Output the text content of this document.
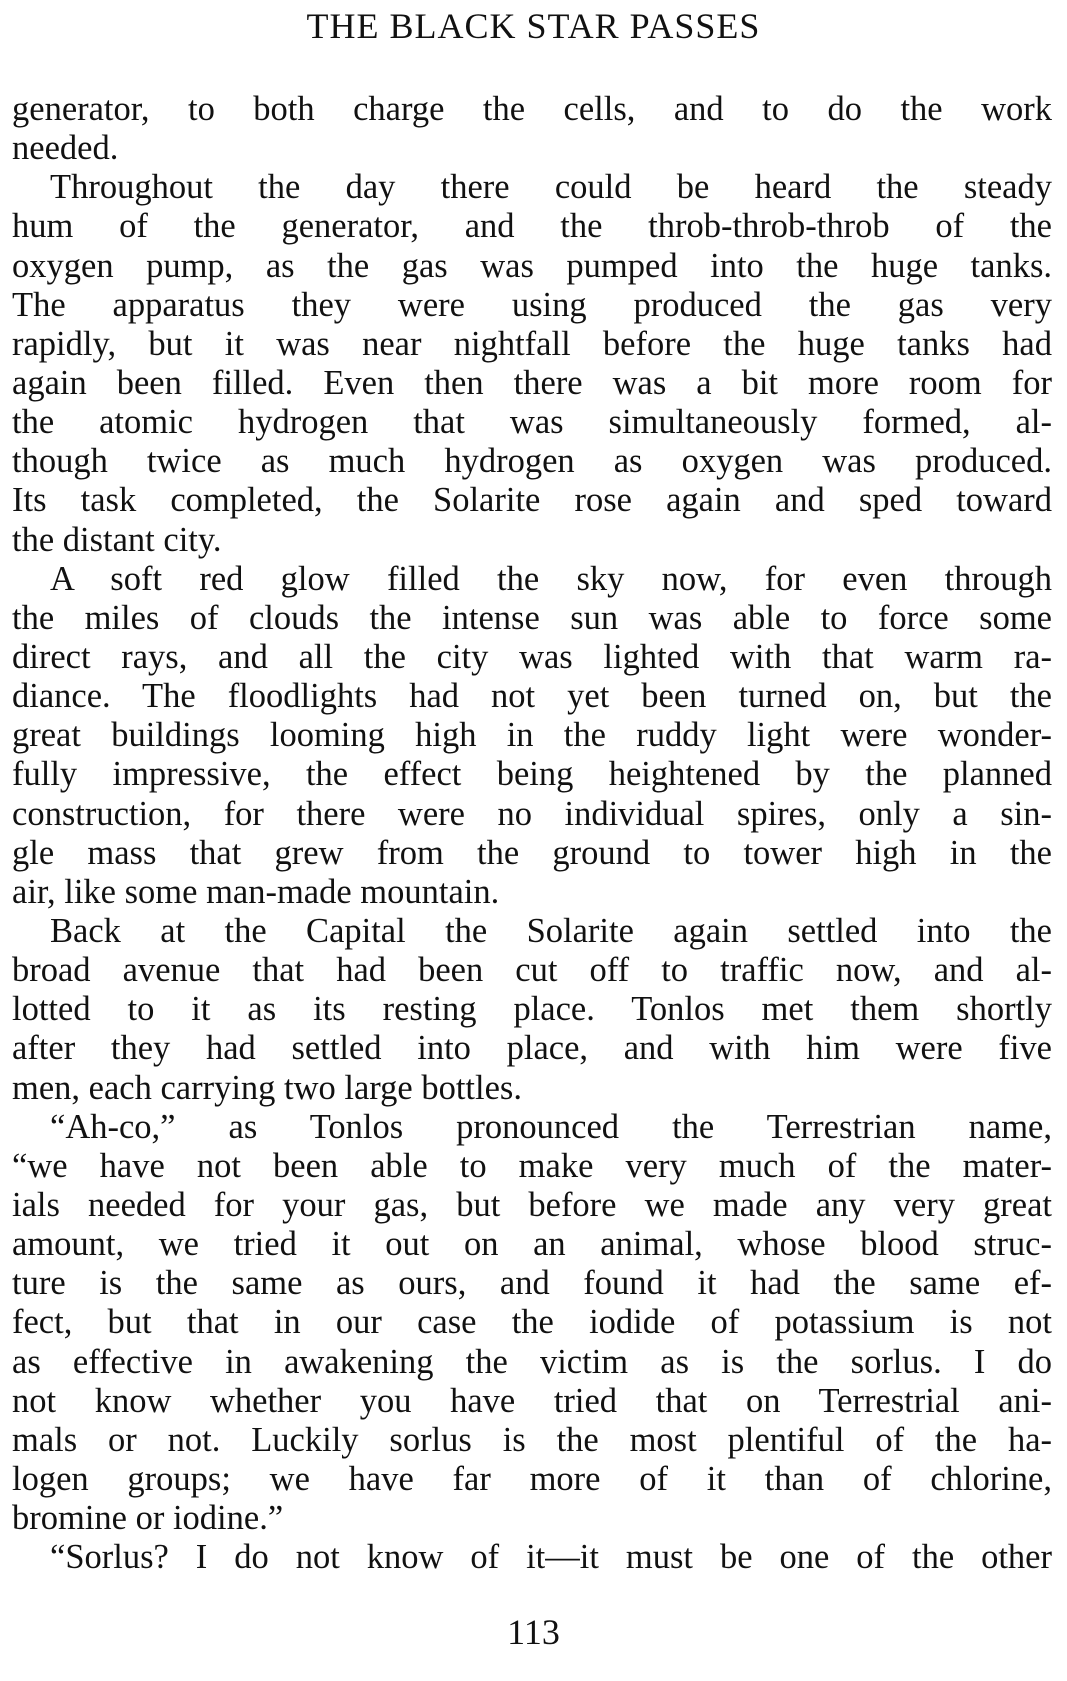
THE BLACK STAR PASSES
generator, to both charge the cells, and to do the work
needed.
Throughout the day there could be heard the steady
hum of the generator, and the throb-throb-throb of the
oxygen pump, as the gas was pumped into the huge tanks.
The apparatus they were using produced the gas very
rapidly, but it was near nightfall before the huge tanks had
again been filled. Even then there was a bit more room for
the atomic hydrogen that was simultaneously formed, al-
though twice as much hydrogen as oxygen was produced.
Its task completed, the Solarite rose again and sped toward
the distant city.
A soft red glow filled the sky now, for even through
the miles of clouds the intense sun was able to force some
direct rays, and all the city was lighted with that warm ra-
diance. The floodlights had not yet been turned on, but the
great buildings looming high in the ruddy light were wonder-
fully impressive, the effect being heightened by the planned
construction, for there were no individual spires, only a sin-
gle mass that grew from the ground to tower high in the
air, like some man-made mountain.
Back at the Capital the Solarite again settled into the
broad avenue that had been cut off to traffic now, and al-
lotted to it as its resting place. Tonlos met them shortly
after they had settled into place, and with him were five
men, each carrying two large bottles.
“Ah-co,” as Tonlos pronounced the Terrestrian name,
“we have not been able to make very much of the mater-
ials needed for your gas, but before we made any very great
amount, we tried it out on an animal, whose blood struc-
ture is the same as ours, and found it had the same ef-
fect, but that in our case the iodide of potassium is not
as effective in awakening the victim as is the sorlus. I do
not know whether you have tried that on Terrestrial ani-
mals or not. Luckily sorlus is the most plentiful of the ha-
logen groups; we have far more of it than of chlorine,
bromine or iodine.”
“Sorlus? I do not know of it—it must be one of the other
113
